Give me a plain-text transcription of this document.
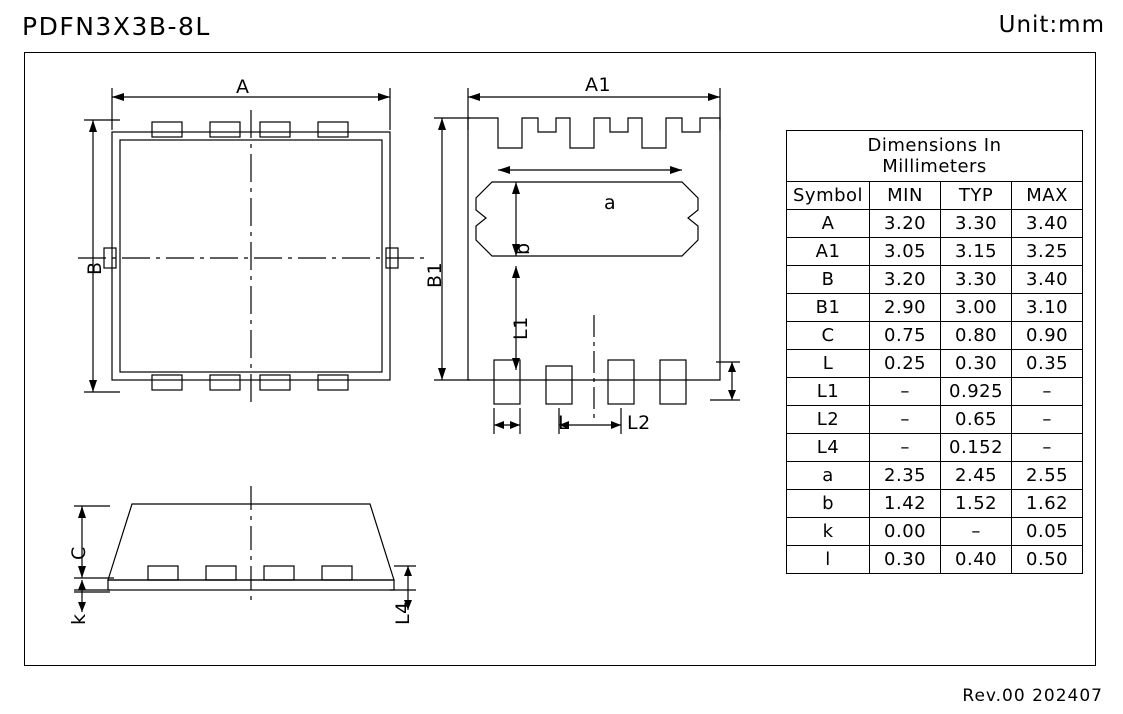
PDFN3X3B-8L	Unit:mm
A
B
A1
B1
a
b
L1
L	L2
C
k	L4
Dimensions In
Millimeters			

Symbol	MIN	TYP	MAX
A	3.20	3.30	3.40
A1	3.05	3.15	3.25
B	3.20	3.30	3.40
B1	2.90	3.00	3.10
C	0.75	0.80	0.90
L	0.25	0.30	0.35
L1	–	0.925	–
L2	–	0.65	–
L4	–	0.152	–
a	2.35	2.45	2.55
b	1.42	1.52	1.62
k	0.00	–	0.05
l	0.30	0.40	0.50
Rev.00 202407
